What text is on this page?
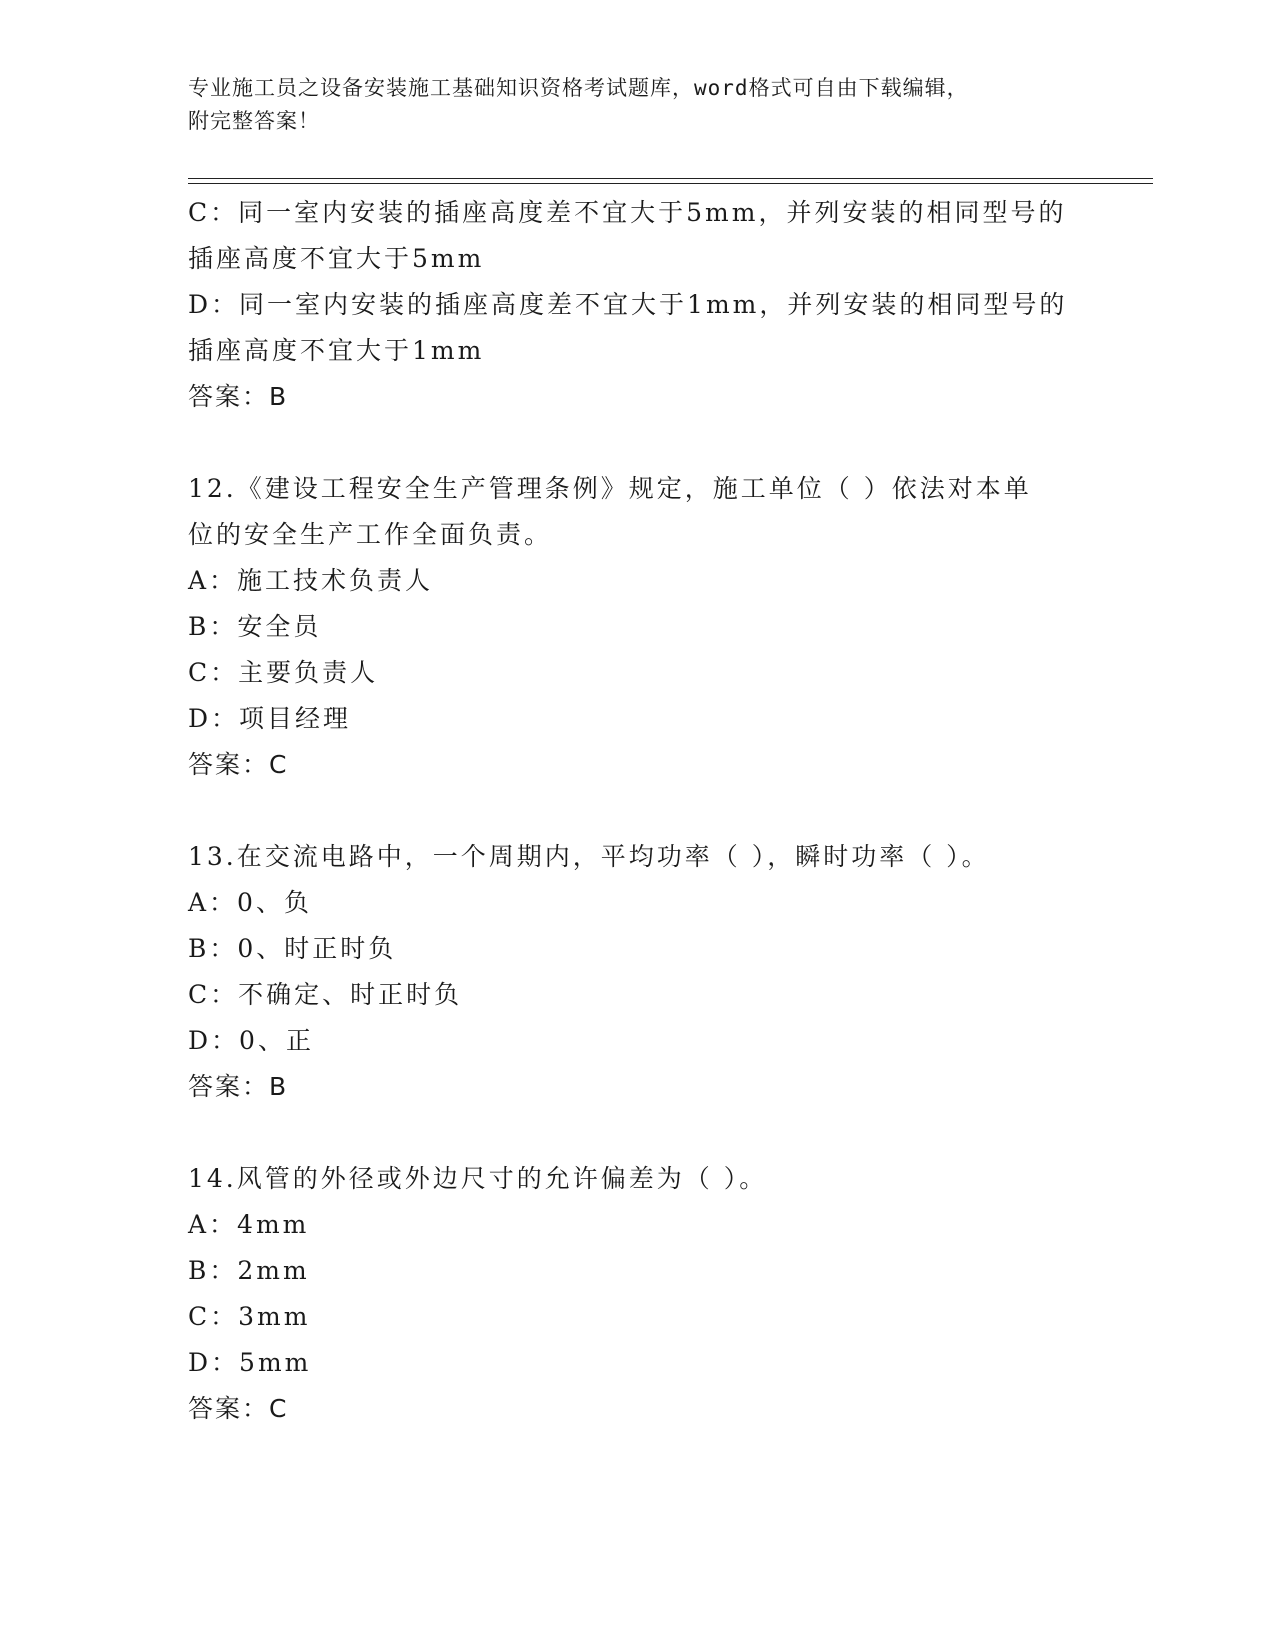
专业施工员之设备安装施工基础知识资格考试题库，word格式可自由下载编辑，
附完整答案！
C：同一室内安装的插座高度差不宜大于5mm，并列安装的相同型号的
插座高度不宜大于5mm
D：同一室内安装的插座高度差不宜大于1mm，并列安装的相同型号的
插座高度不宜大于1mm
答案：B
12.《建设工程安全生产管理条例》规定，施工单位（ ）依法对本单
位的安全生产工作全面负责。
A：施工技术负责人
B：安全员
C：主要负责人
D：项目经理
答案：C
13.在交流电路中，一个周期内，平均功率（ ），瞬时功率（ ）。
A：0、负
B：0、时正时负
C：不确定、时正时负
D：0、正
答案：B
14.风管的外径或外边尺寸的允许偏差为（ ）。
A：4mm
B：2mm
C：3mm
D：5mm
答案：C
